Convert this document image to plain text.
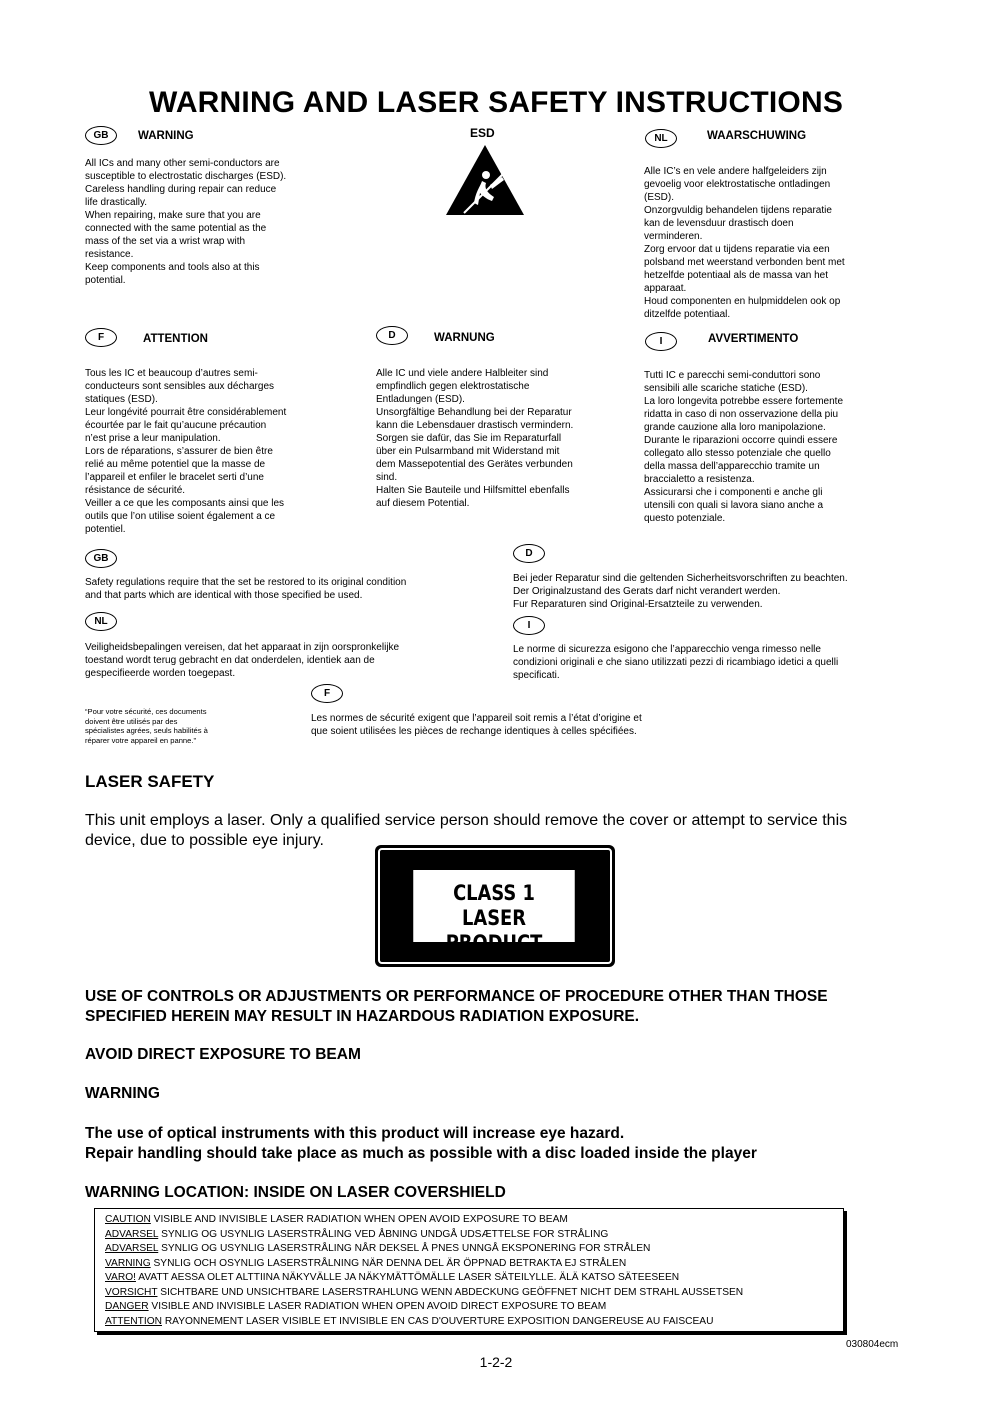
WARNING AND LASER SAFETY INSTRUCTIONS
GB	WARNING
All ICs and many other semi-conductors are
susceptible to electrostatic discharges (ESD).
Careless handling during repair can reduce
life drastically.
When repairing, make sure that you are
connected with the same potential as the
mass of the set via a wrist wrap with
resistance.
Keep components and tools also at this
potential.
ESD	NL	WAARSCHUWING
Alle IC’s en vele andere halfgeleiders zijn
gevoelig voor elektrostatische ontladingen
(ESD).
Onzorgvuldig behandelen tijdens reparatie
kan de levensduur drastisch doen
verminderen.
Zorg ervoor dat u tijdens reparatie via een
polsband met weerstand verbonden bent met
hetzelfde potentiaal als de massa van het
apparaat.
Houd componenten en hulpmiddelen ook op
ditzelfde potentiaal.
F	ATTENTION
Tous les IC et beaucoup d’autres semi-
conducteurs sont sensibles aux décharges
statiques (ESD).
Leur longévité pourrait être considérablement
écourtée par le fait qu’aucune précaution
n’est prise a leur manipulation.
Lors de réparations, s’assurer de bien être
relié au même potentiel que la masse de
l’appareil et enfiler le bracelet serti d’une
résistance de sécurité.
Veiller a ce que les composants ainsi que les
outils que l’on utilise soient également a ce
potentiel.
D	WARNUNG
Alle IC und viele andere Halbleiter sind
empfindlich gegen elektrostatische
Entladungen (ESD).
Unsorgfältige Behandlung bei der Reparatur
kann die Lebensdauer drastisch vermindern.
Sorgen sie dafür, das Sie im Reparaturfall
über ein Pulsarmband mit Widerstand mit
dem Massepotential des Gerätes verbunden
sind.
Halten Sie Bauteile und Hilfsmittel ebenfalls
auf diesem Potential.
I	AVVERTIMENTO
Tutti IC e parecchi semi-conduttori sono
sensibili alle scariche statiche (ESD).
La loro longevita potrebbe essere fortemente
ridatta in caso di non osservazione della piu
grande cauzione alla loro manipolazione.
Durante le riparazioni occorre quindi essere
collegato allo stesso potenziale che quello
della massa dell’apparecchio tramite un
braccialetto a resistenza.
Assicurarsi che i componenti e anche gli
utensili con quali si lavora siano anche a
questo potenziale.
GB
Safety regulations require that the set be restored to its original condition
and that parts which are identical with those specified be used.
NL
Veiligheidsbepalingen vereisen, dat het apparaat in zijn oorspronkelijke
toestand wordt terug gebracht en dat onderdelen, identiek aan de
gespecifieerde worden toegepast.
D
Bei jeder Reparatur sind die geltenden Sicherheitsvorschriften zu beachten.
Der Originalzustand des Gerats darf nicht verandert werden.
Fur Reparaturen sind Original-Ersatzteile zu verwenden.
I
Le norme di sicurezza esigono che l’apparecchio venga rimesso nelle
condizioni originali e che siano utilizzati pezzi di ricambiago idetici a quelli
specificati.
F
“Pour votre sécurité, ces documents
doivent être utilisés par des
spécialistes agrées, seuls habilités à
réparer votre appareil en panne.”
Les normes de sécurité exigent que l’appareil soit remis a l’état d’origine et
que soient utilisées les pièces de rechange identiques à celles spécifiées.
LASER SAFETY
This unit employs a laser. Only a qualified service person should remove the cover or attempt to service this device, due to possible eye injury.
CLASS 1
LASER PRODUCT
USE OF CONTROLS OR ADJUSTMENTS OR PERFORMANCE OF PROCEDURE OTHER THAN THOSE SPECIFIED HEREIN MAY RESULT IN HAZARDOUS RADIATION EXPOSURE.
AVOID DIRECT EXPOSURE TO BEAM
WARNING
The use of optical instruments with this product will increase eye hazard.
Repair handling should take place as much as possible with a disc loaded inside the player
WARNING LOCATION: INSIDE ON LASER COVERSHIELD
CAUTION VISIBLE AND INVISIBLE LASER RADIATION WHEN OPEN AVOID EXPOSURE TO BEAM
ADVARSEL SYNLIG OG USYNLIG LASERSTRÅLING VED ÅBNING UNDGÅ UDSÆTTELSE FOR STRÅLING
ADVARSEL SYNLIG OG USYNLIG LASERSTRÅLING NÅR DEKSEL Å PNES UNNGÅ EKSPONERING FOR STRÅLEN
VARNING SYNLIG OCH OSYNLIG LASERSTRÅLNING NÄR DENNA DEL ÄR ÖPPNAD BETRAKTA EJ STRÅLEN
VARO! AVATT AESSA OLET ALTTIINA NÄKYVÄLLE JA NÄKYMÄTTÖMÄLLE LASER SÄTEILYLLE. ÄLÄ KATSO SÄTEESEEN
VORSICHT SICHTBARE UND UNSICHTBARE LASERSTRAHLUNG WENN ABDECKUNG GEÖFFNET NICHT DEM STRAHL AUSSETSEN
DANGER VISIBLE AND INVISIBLE LASER RADIATION WHEN OPEN AVOID DIRECT EXPOSURE TO BEAM
ATTENTION RAYONNEMENT LASER VISIBLE ET INVISIBLE EN CAS D'OUVERTURE EXPOSITION DANGEREUSE AU FAISCEAU
030804ecm
1-2-2
